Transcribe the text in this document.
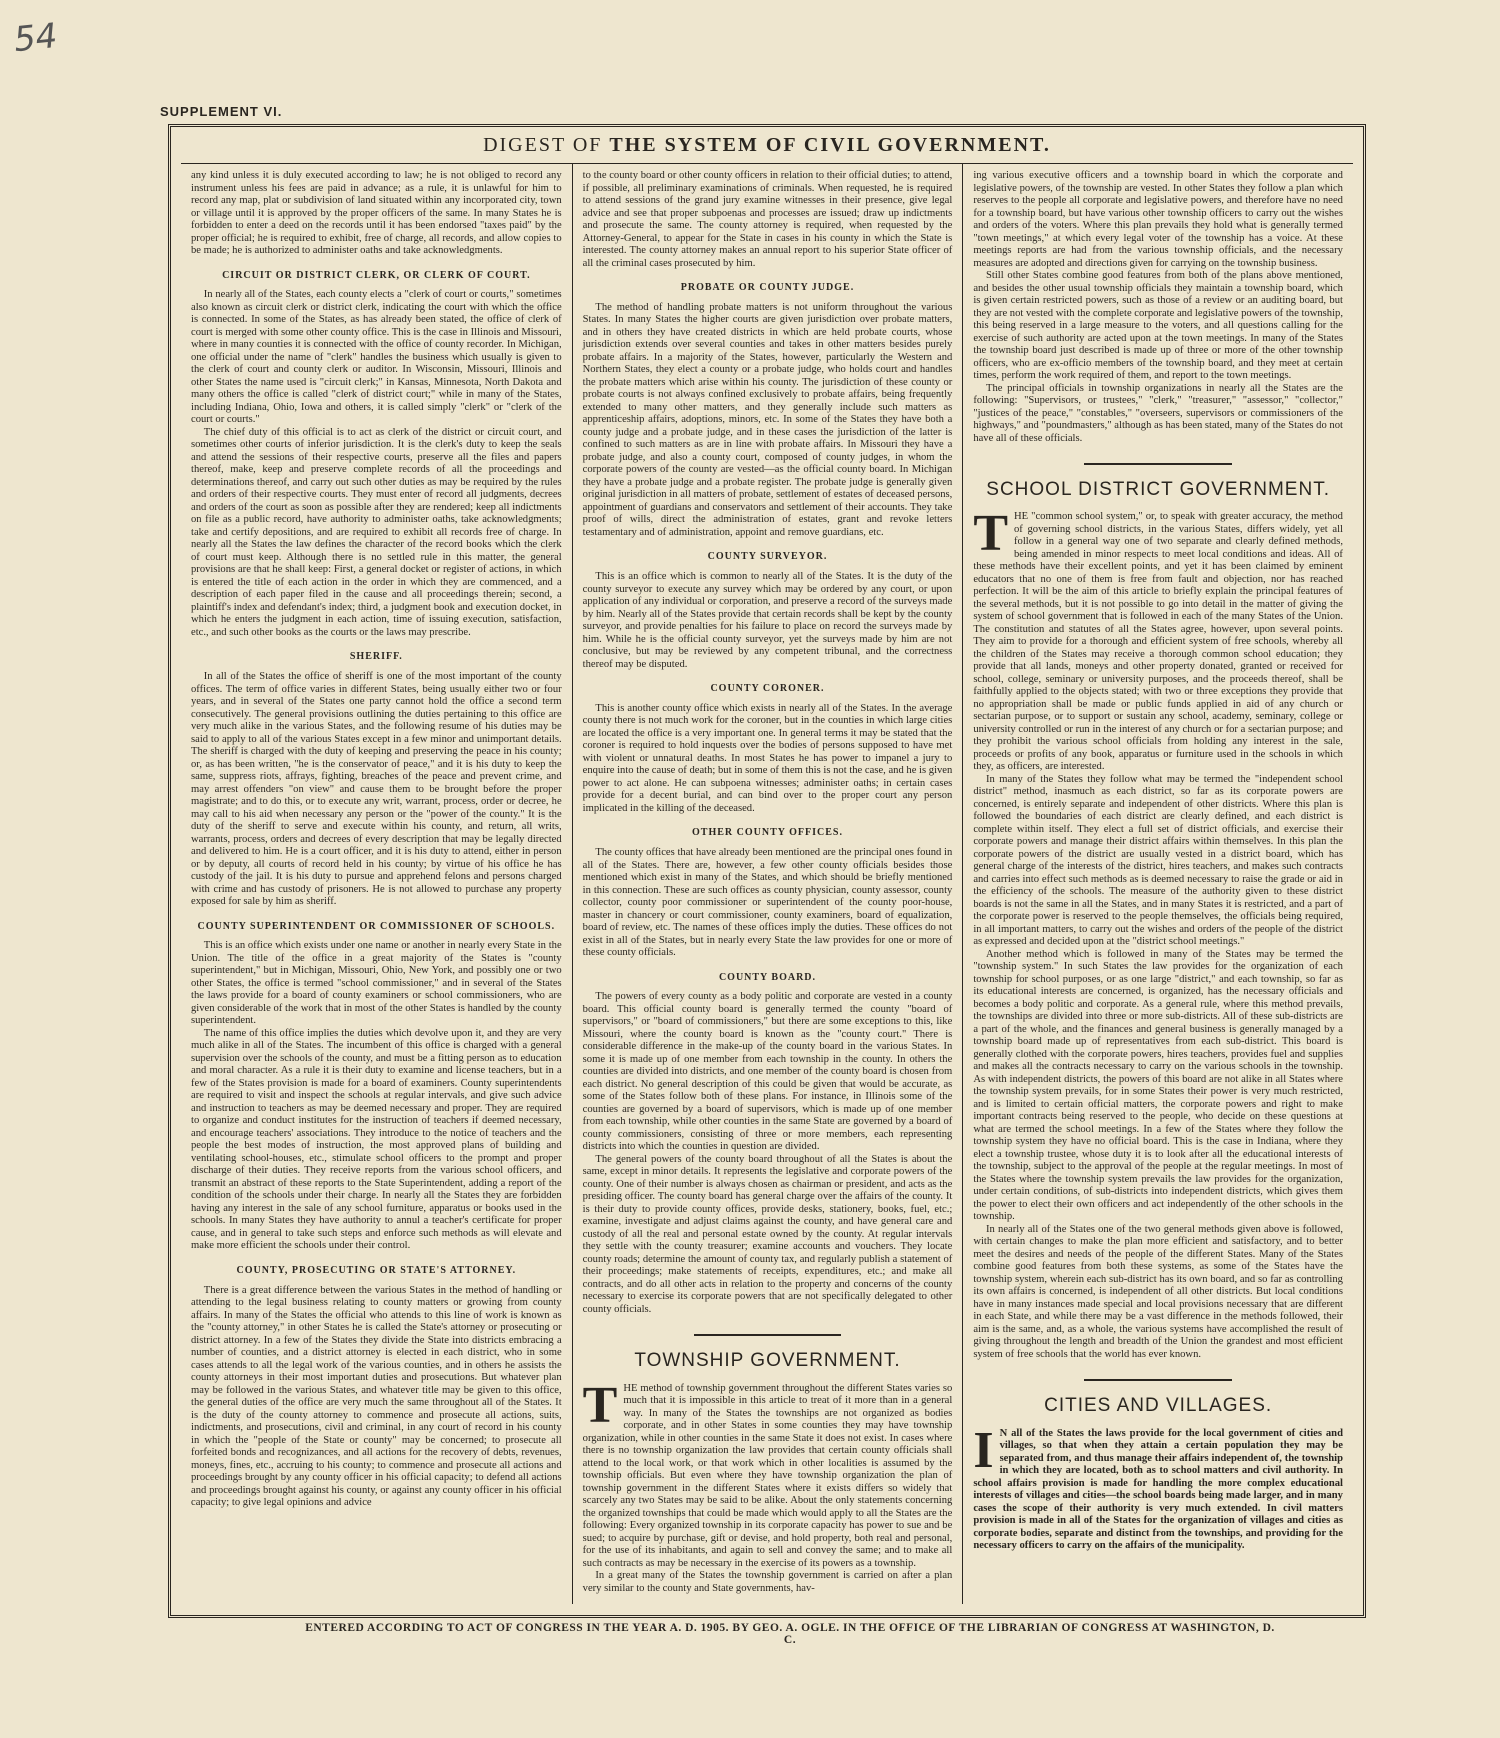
54
SUPPLEMENT VI.
DIGEST OF THE SYSTEM OF CIVIL GOVERNMENT.

any kind unless it is duly executed according to law; he is not obliged to record any instrument unless his fees are paid in advance; as a rule, it is unlawful for him to record any map, plat or subdivision of land situated within any incorporated city, town or village until it is approved by the proper officers of the same. In many States he is forbidden to enter a deed on the records until it has been endorsed "taxes paid" by the proper official; he is required to exhibit, free of charge, all records, and allow copies to be made; he is authorized to administer oaths and take acknowledgments.

CIRCUIT OR DISTRICT CLERK, OR CLERK OF COURT.

In nearly all of the States, each county elects a "clerk of court or courts," sometimes also known as circuit clerk or district clerk, indicating the court with which the office is connected. In some of the States, as has already been stated, the office of clerk of court is merged with some other county office. This is the case in Illinois and Missouri, where in many counties it is connected with the office of county recorder. In Michigan, one official under the name of "clerk" handles the business which usually is given to the clerk of court and county clerk or auditor. In Wisconsin, Missouri, Illinois and other States the name used is "circuit clerk;" in Kansas, Minnesota, North Dakota and many others the office is called "clerk of district court;" while in many of the States, including Indiana, Ohio, Iowa and others, it is called simply "clerk" or "clerk of the court or courts."

The chief duty of this official is to act as clerk of the district or circuit court, and sometimes other courts of inferior jurisdiction. It is the clerk's duty to keep the seals and attend the sessions of their respective courts, preserve all the files and papers thereof, make, keep and preserve complete records of all the proceedings and determinations thereof, and carry out such other duties as may be required by the rules and orders of their respective courts. They must enter of record all judgments, decrees and orders of the court as soon as possible after they are rendered; keep all indictments on file as a public record, have authority to administer oaths, take acknowledgments; take and certify depositions, and are required to exhibit all records free of charge. In nearly all the States the law defines the character of the record books which the clerk of court must keep. Although there is no settled rule in this matter, the general provisions are that he shall keep: First, a general docket or register of actions, in which is entered the title of each action in the order in which they are commenced, and a description of each paper filed in the cause and all proceedings therein; second, a plaintiff's index and defendant's index; third, a judgment book and execution docket, in which he enters the judgment in each action, time of issuing execution, satisfaction, etc., and such other books as the courts or the laws may prescribe.

SHERIFF.

In all of the States the office of sheriff is one of the most important of the county offices. The term of office varies in different States, being usually either two or four years, and in several of the States one party cannot hold the office a second term consecutively. The general provisions outlining the duties pertaining to this office are very much alike in the various States, and the following resume of his duties may be said to apply to all of the various States except in a few minor and unimportant details. The sheriff is charged with the duty of keeping and preserving the peace in his county; or, as has been written, "he is the conservator of peace," and it is his duty to keep the same, suppress riots, affrays, fighting, breaches of the peace and prevent crime, and may arrest offenders "on view" and cause them to be brought before the proper magistrate; and to do this, or to execute any writ, warrant, process, order or decree, he may call to his aid when necessary any person or the "power of the county." It is the duty of the sheriff to serve and execute within his county, and return, all writs, warrants, process, orders and decrees of every description that may be legally directed and delivered to him. He is a court officer, and it is his duty to attend, either in person or by deputy, all courts of record held in his county; by virtue of his office he has custody of the jail. It is his duty to pursue and apprehend felons and persons charged with crime and has custody of prisoners. He is not allowed to purchase any property exposed for sale by him as sheriff.

COUNTY SUPERINTENDENT OR COMMISSIONER OF SCHOOLS.

This is an office which exists under one name or another in nearly every State in the Union. The title of the office in a great majority of the States is "county superintendent," but in Michigan, Missouri, Ohio, New York, and possibly one or two other States, the office is termed "school commissioner," and in several of the States the laws provide for a board of county examiners or school commissioners, who are given considerable of the work that in most of the other States is handled by the county superintendent.

The name of this office implies the duties which devolve upon it, and they are very much alike in all of the States. The incumbent of this office is charged with a general supervision over the schools of the county, and must be a fitting person as to education and moral character. As a rule it is their duty to examine and license teachers, but in a few of the States provision is made for a board of examiners. County superintendents are required to visit and inspect the schools at regular intervals, and give such advice and instruction to teachers as may be deemed necessary and proper. They are required to organize and conduct institutes for the instruction of teachers if deemed necessary, and encourage teachers' associations. They introduce to the notice of teachers and the people the best modes of instruction, the most approved plans of building and ventilating school-houses, etc., stimulate school officers to the prompt and proper discharge of their duties. They receive reports from the various school officers, and transmit an abstract of these reports to the State Superintendent, adding a report of the condition of the schools under their charge. In nearly all the States they are forbidden having any interest in the sale of any school furniture, apparatus or books used in the schools. In many States they have authority to annul a teacher's certificate for proper cause, and in general to take such steps and enforce such methods as will elevate and make more efficient the schools under their control.

COUNTY, PROSECUTING OR STATE'S ATTORNEY.

There is a great difference between the various States in the method of handling or attending to the legal business relating to county matters or growing from county affairs. In many of the States the official who attends to this line of work is known as the "county attorney," in other States he is called the State's attorney or prosecuting or district attorney. In a few of the States they divide the State into districts embracing a number of counties, and a district attorney is elected in each district, who in some cases attends to all the legal work of the various counties, and in others he assists the county attorneys in their most important duties and prosecutions. But whatever plan may be followed in the various States, and whatever title may be given to this office, the general duties of the office are very much the same throughout all of the States. It is the duty of the county attorney to commence and prosecute all actions, suits, indictments, and prosecutions, civil and criminal, in any court of record in his county in which the "people of the State or county" may be concerned; to prosecute all forfeited bonds and recognizances, and all actions for the recovery of debts, revenues, moneys, fines, etc., accruing to his county; to commence and prosecute all actions and proceedings brought by any county officer in his official capacity; to defend all actions and proceedings brought against his county, or against any county officer in his official capacity; to give legal opinions and advice

to the county board or other county officers in relation to their official duties; to attend, if possible, all preliminary examinations of criminals. When requested, he is required to attend sessions of the grand jury examine witnesses in their presence, give legal advice and see that proper subpoenas and processes are issued; draw up indictments and prosecute the same. The county attorney is required, when requested by the Attorney-General, to appear for the State in cases in his county in which the State is interested. The county attorney makes an annual report to his superior State officer of all the criminal cases prosecuted by him.

PROBATE OR COUNTY JUDGE.

The method of handling probate matters is not uniform throughout the various States. In many States the higher courts are given jurisdiction over probate matters, and in others they have created districts in which are held probate courts, whose jurisdiction extends over several counties and takes in other matters besides purely probate affairs. In a majority of the States, however, particularly the Western and Northern States, they elect a county or a probate judge, who holds court and handles the probate matters which arise within his county. The jurisdiction of these county or probate courts is not always confined exclusively to probate affairs, being frequently extended to many other matters, and they generally include such matters as apprenticeship affairs, adoptions, minors, etc. In some of the States they have both a county judge and a probate judge, and in these cases the jurisdiction of the latter is confined to such matters as are in line with probate affairs. In Missouri they have a probate judge, and also a county court, composed of county judges, in whom the corporate powers of the county are vested—as the official county board. In Michigan they have a probate judge and a probate register. The probate judge is generally given original jurisdiction in all matters of probate, settlement of estates of deceased persons, appointment of guardians and conservators and settlement of their accounts. They take proof of wills, direct the administration of estates, grant and revoke letters testamentary and of administration, appoint and remove guardians, etc.

COUNTY SURVEYOR.

This is an office which is common to nearly all of the States. It is the duty of the county surveyor to execute any survey which may be ordered by any court, or upon application of any individual or corporation, and preserve a record of the surveys made by him. Nearly all of the States provide that certain records shall be kept by the county surveyor, and provide penalties for his failure to place on record the surveys made by him. While he is the official county surveyor, yet the surveys made by him are not conclusive, but may be reviewed by any competent tribunal, and the correctness thereof may be disputed.

COUNTY CORONER.

This is another county office which exists in nearly all of the States. In the average county there is not much work for the coroner, but in the counties in which large cities are located the office is a very important one. In general terms it may be stated that the coroner is required to hold inquests over the bodies of persons supposed to have met with violent or unnatural deaths. In most States he has power to impanel a jury to enquire into the cause of death; but in some of them this is not the case, and he is given power to act alone. He can subpoena witnesses; administer oaths; in certain cases provide for a decent burial, and can bind over to the proper court any person implicated in the killing of the deceased.

OTHER COUNTY OFFICES.

The county offices that have already been mentioned are the principal ones found in all of the States. There are, however, a few other county officials besides those mentioned which exist in many of the States, and which should be briefly mentioned in this connection. These are such offices as county physician, county assessor, county collector, county poor commissioner or superintendent of the county poor-house, master in chancery or court commissioner, county examiners, board of equalization, board of review, etc. The names of these offices imply the duties. These offices do not exist in all of the States, but in nearly every State the law provides for one or more of these county officials.

COUNTY BOARD.

The powers of every county as a body politic and corporate are vested in a county board. This official county board is generally termed the county "board of supervisors," or "board of commissioners," but there are some exceptions to this, like Missouri, where the county board is known as the "county court." There is considerable difference in the make-up of the county board in the various States. In some it is made up of one member from each township in the county. In others the counties are divided into districts, and one member of the county board is chosen from each district. No general description of this could be given that would be accurate, as some of the States follow both of these plans. For instance, in Illinois some of the counties are governed by a board of supervisors, which is made up of one member from each township, while other counties in the same State are governed by a board of county commissioners, consisting of three or more members, each representing districts into which the counties in question are divided.

The general powers of the county board throughout of all the States is about the same, except in minor details. It represents the legislative and corporate powers of the county. One of their number is always chosen as chairman or president, and acts as the presiding officer. The county board has general charge over the affairs of the county. It is their duty to provide county offices, provide desks, stationery, books, fuel, etc.; examine, investigate and adjust claims against the county, and have general care and custody of all the real and personal estate owned by the county. At regular intervals they settle with the county treasurer; examine accounts and vouchers. They locate county roads; determine the amount of county tax, and regularly publish a statement of their proceedings; make statements of receipts, expenditures, etc.; and make all contracts, and do all other acts in relation to the property and concerns of the county necessary to exercise its corporate powers that are not specifically delegated to other county officials.

TOWNSHIP GOVERNMENT.

THE method of township government throughout the different States varies so much that it is impossible in this article to treat of it more than in a general way. In many of the States the townships are not organized as bodies corporate, and in other States in some counties they may have township organization, while in other counties in the same State it does not exist. In cases where there is no township organization the law provides that certain county officials shall attend to the local work, or that work which in other localities is assumed by the township officials. But even where they have township organization the plan of township government in the different States where it exists differs so widely that scarcely any two States may be said to be alike. About the only statements concerning the organized townships that could be made which would apply to all the States are the following: Every organized township in its corporate capacity has power to sue and be sued; to acquire by purchase, gift or devise, and hold property, both real and personal, for the use of its inhabitants, and again to sell and convey the same; and to make all such contracts as may be necessary in the exercise of its powers as a township.

In a great many of the States the township government is carried on after a plan very similar to the county and State governments, hav-

ing various executive officers and a township board in which the corporate and legislative powers, of the township are vested. In other States they follow a plan which reserves to the people all corporate and legislative powers, and therefore have no need for a township board, but have various other township officers to carry out the wishes and orders of the voters. Where this plan prevails they hold what is generally termed "town meetings," at which every legal voter of the township has a voice. At these meetings reports are had from the various township officials, and the necessary measures are adopted and directions given for carrying on the township business.

Still other States combine good features from both of the plans above mentioned, and besides the other usual township officials they maintain a township board, which is given certain restricted powers, such as those of a review or an auditing board, but they are not vested with the complete corporate and legislative powers of the township, this being reserved in a large measure to the voters, and all questions calling for the exercise of such authority are acted upon at the town meetings. In many of the States the township board just described is made up of three or more of the other township officers, who are ex-officio members of the township board, and they meet at certain times, perform the work required of them, and report to the town meetings.

The principal officials in township organizations in nearly all the States are the following: "Supervisors, or trustees," "clerk," "treasurer," "assessor," "collector," "justices of the peace," "constables," "overseers, supervisors or commissioners of the highways," and "poundmasters," although as has been stated, many of the States do not have all of these officials.

SCHOOL DISTRICT GOVERNMENT.

THE "common school system," or, to speak with greater accuracy, the method of governing school districts, in the various States, differs widely, yet all follow in a general way one of two separate and clearly defined methods, being amended in minor respects to meet local conditions and ideas. All of these methods have their excellent points, and yet it has been claimed by eminent educators that no one of them is free from fault and objection, nor has reached perfection. It will be the aim of this article to briefly explain the principal features of the several methods, but it is not possible to go into detail in the matter of giving the system of school government that is followed in each of the many States of the Union. The constitution and statutes of all the States agree, however, upon several points. They aim to provide for a thorough and efficient system of free schools, whereby all the children of the States may receive a thorough common school education; they provide that all lands, moneys and other property donated, granted or received for school, college, seminary or university purposes, and the proceeds thereof, shall be faithfully applied to the objects stated; with two or three exceptions they provide that no appropriation shall be made or public funds applied in aid of any church or sectarian purpose, or to support or sustain any school, academy, seminary, college or university controlled or run in the interest of any church or for a sectarian purpose; and they prohibit the various school officials from holding any interest in the sale, proceeds or profits of any book, apparatus or furniture used in the schools in which they, as officers, are interested.

In many of the States they follow what may be termed the "independent school district" method, inasmuch as each district, so far as its corporate powers are concerned, is entirely separate and independent of other districts. Where this plan is followed the boundaries of each district are clearly defined, and each district is complete within itself. They elect a full set of district officials, and exercise their corporate powers and manage their district affairs within themselves. In this plan the corporate powers of the district are usually vested in a district board, which has general charge of the interests of the district, hires teachers, and makes such contracts and carries into effect such methods as is deemed necessary to raise the grade or aid in the efficiency of the schools. The measure of the authority given to these district boards is not the same in all the States, and in many States it is restricted, and a part of the corporate power is reserved to the people themselves, the officials being required, in all important matters, to carry out the wishes and orders of the people of the district as expressed and decided upon at the "district school meetings."

Another method which is followed in many of the States may be termed the "township system." In such States the law provides for the organization of each township for school purposes, or as one large "district," and each township, so far as its educational interests are concerned, is organized, has the necessary officials and becomes a body politic and corporate. As a general rule, where this method prevails, the townships are divided into three or more sub-districts. All of these sub-districts are a part of the whole, and the finances and general business is generally managed by a township board made up of representatives from each sub-district. This board is generally clothed with the corporate powers, hires teachers, provides fuel and supplies and makes all the contracts necessary to carry on the various schools in the township. As with independent districts, the powers of this board are not alike in all States where the township system prevails, for in some States their power is very much restricted, and is limited to certain official matters, the corporate powers and right to make important contracts being reserved to the people, who decide on these questions at what are termed the school meetings. In a few of the States where they follow the township system they have no official board. This is the case in Indiana, where they elect a township trustee, whose duty it is to look after all the educational interests of the township, subject to the approval of the people at the regular meetings. In most of the States where the township system prevails the law provides for the organization, under certain conditions, of sub-districts into independent districts, which gives them the power to elect their own officers and act independently of the other schools in the township.

In nearly all of the States one of the two general methods given above is followed, with certain changes to make the plan more efficient and satisfactory, and to better meet the desires and needs of the people of the different States. Many of the States combine good features from both these systems, as some of the States have the township system, wherein each sub-district has its own board, and so far as controlling its own affairs is concerned, is independent of all other districts. But local conditions have in many instances made special and local provisions necessary that are different in each State, and while there may be a vast difference in the methods followed, their aim is the same, and, as a whole, the various systems have accomplished the result of giving throughout the length and breadth of the Union the grandest and most efficient system of free schools that the world has ever known.

CITIES AND VILLAGES.

I N all of the States the laws provide for the local government of cities and villages, so that when they attain a certain population they may be separated from, and thus manage their affairs independent of, the township in which they are located, both as to school matters and civil authority. In school affairs provision is made for handling the more complex educational interests of villages and cities—the school boards being made larger, and in many cases the scope of their authority is very much extended. In civil matters provision is made in all of the States for the organization of villages and cities as corporate bodies, separate and distinct from the townships, and providing for the necessary officers to carry on the affairs of the municipality.

ENTERED ACCORDING TO ACT OF CONGRESS IN THE YEAR A. D. 1905. BY GEO. A. OGLE. IN THE OFFICE OF THE LIBRARIAN OF CONGRESS AT WASHINGTON, D. C.
